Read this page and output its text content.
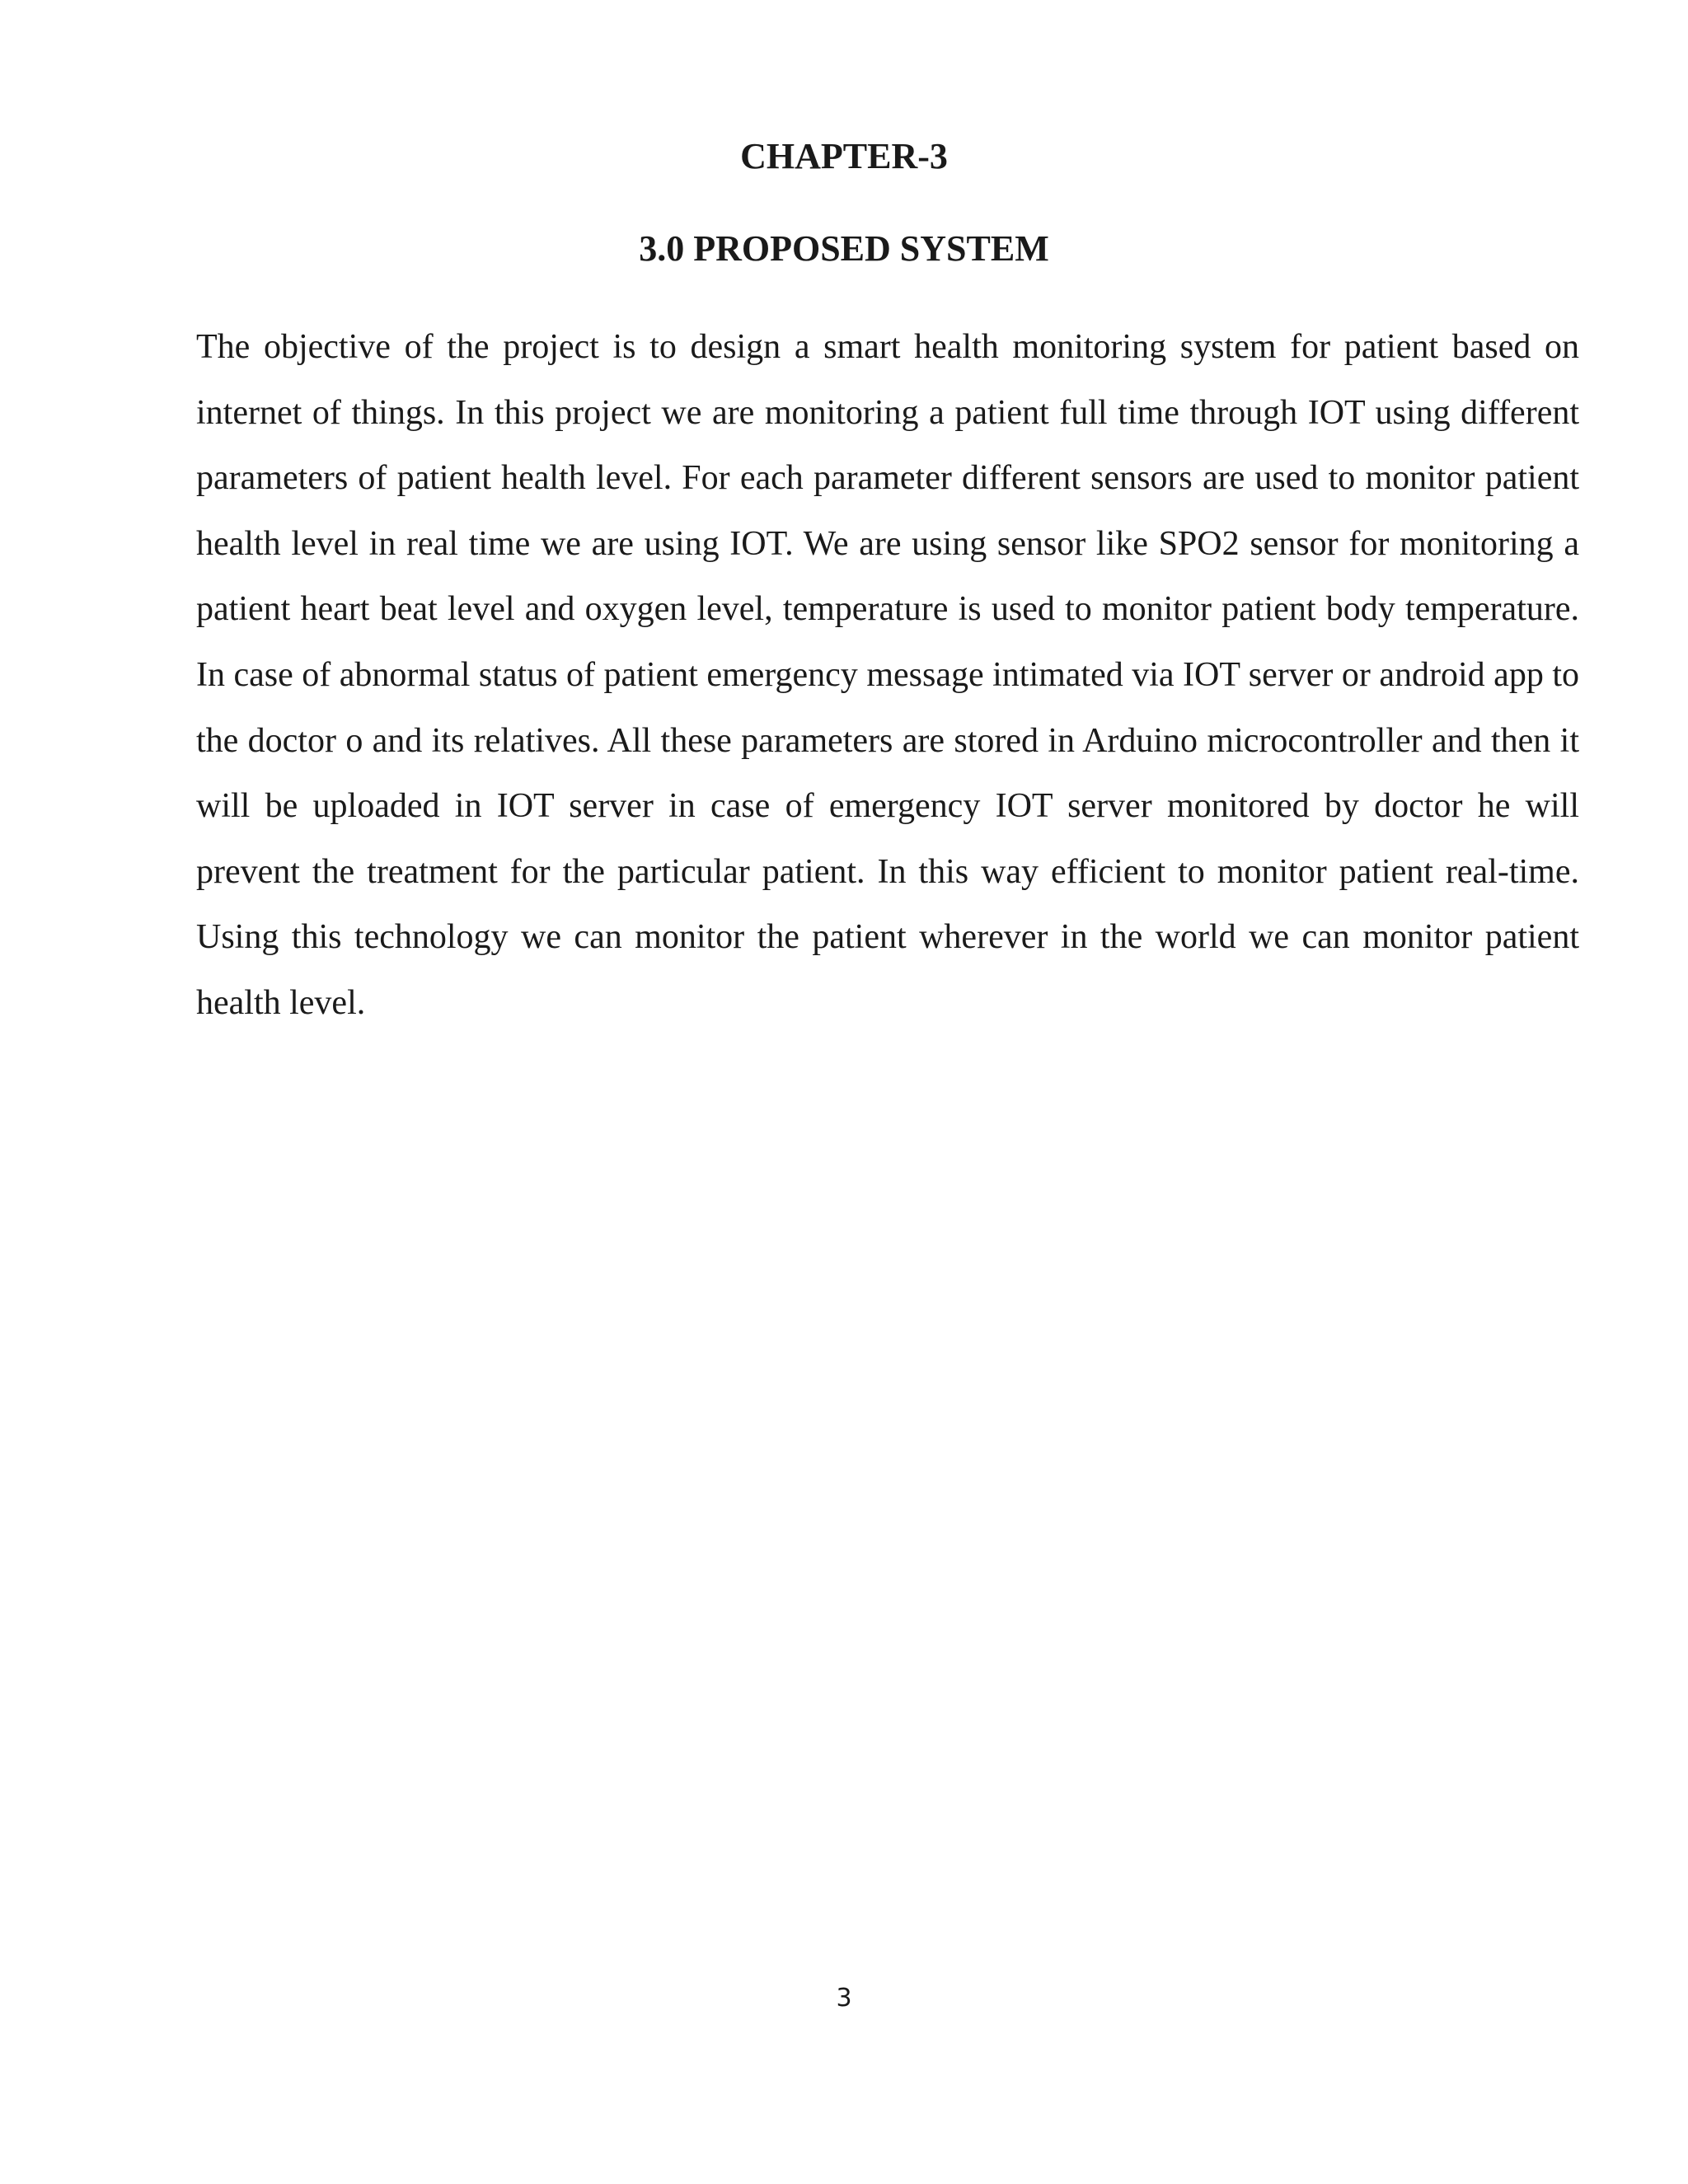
CHAPTER-3
3.0 PROPOSED SYSTEM

The objective of the project is to design a smart health monitoring system for patient based on internet of things. In this project we are monitoring a patient full time through IOT using different parameters of patient health level. For each parameter different sensors are used to monitor patient health level in real time we are using IOT. We are using sensor like SPO2 sensor for monitoring a patient heart beat level and oxygen level, temperature is used to monitor patient body temperature. In case of abnormal status of patient emergency message intimated via IOT server or android app to the doctor o and its relatives. All these parameters are stored in Arduino microcontroller and then it will be uploaded in IOT server in case of emergency IOT server monitored by doctor he will prevent the treatment for the particular patient. In this way efficient to monitor patient real-time. Using this technology we can monitor the patient wherever in the world we can monitor patient health level.

3
